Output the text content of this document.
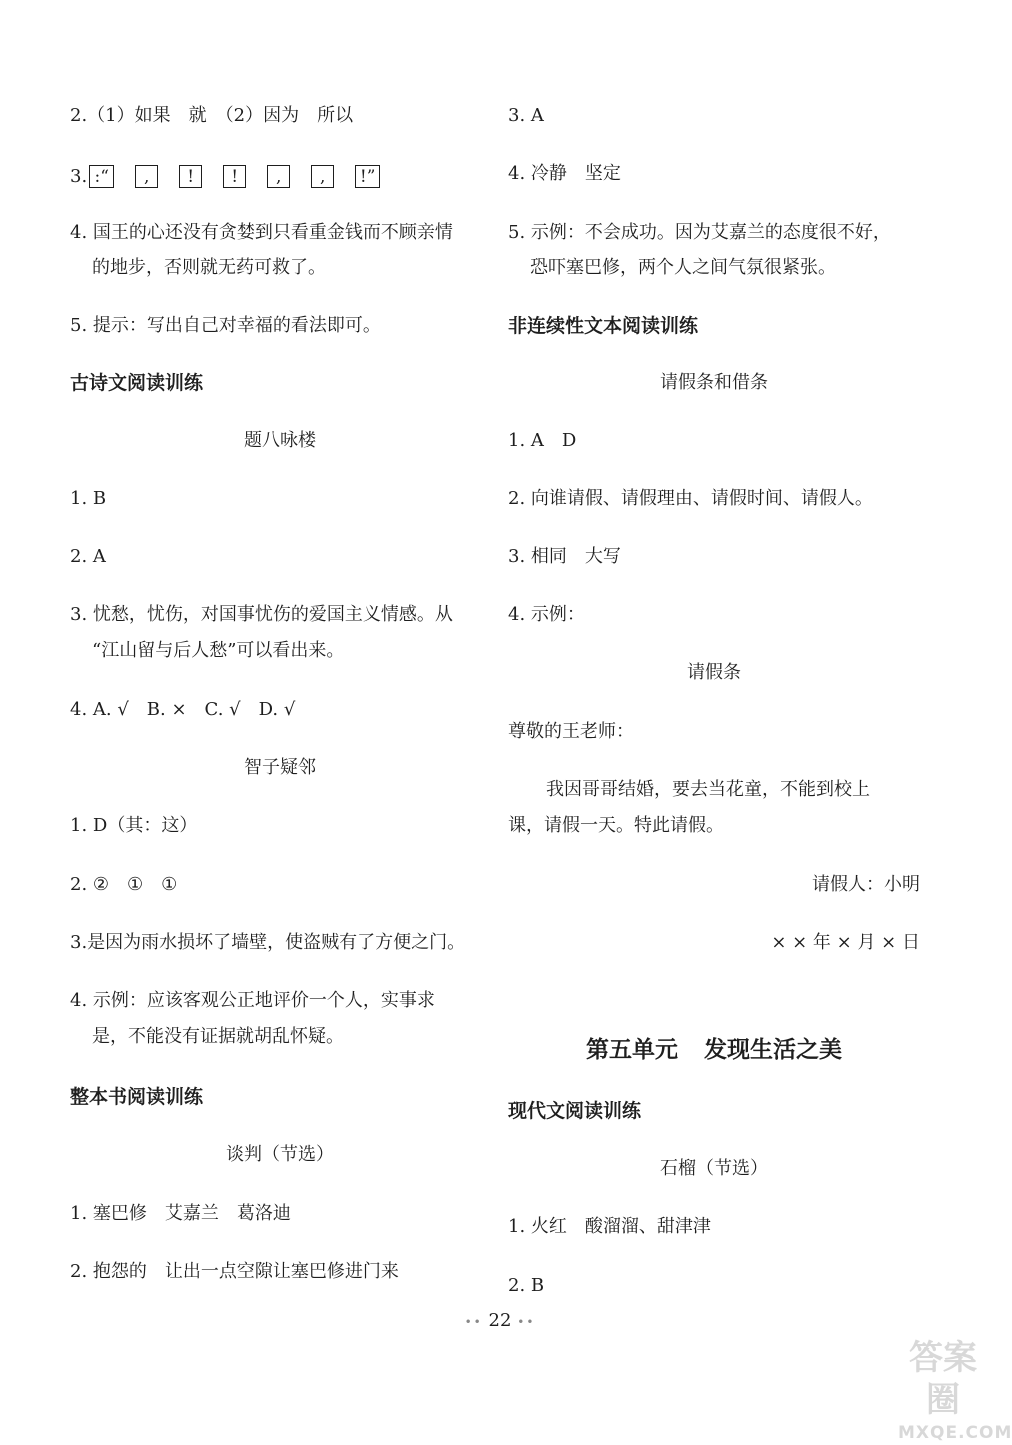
2.（1）如果　就　（2）因为　所以
3. :“	,	!	!	,	,	!”
4. 国王的心还没有贪婪到只看重金钱而不顾亲情
的地步，否则就无药可救了。
5. 提示：写出自己对幸福的看法即可。
古诗文阅读训练
题八咏楼
1. B
2. A
3. 忧愁，忧伤，对国事忧伤的爱国主义情感。从
“江山留与后人愁”可以看出来。
4. A. √　B. ×　C. √　D. √
智子疑邻
1. D（其：这）
2. ②　①　①
3.是因为雨水损坏了墙壁，使盗贼有了方便之门。
4. 示例：应该客观公正地评价一个人，实事求
是，不能没有证据就胡乱怀疑。
整本书阅读训练
谈判（节选）
1. 塞巴修　艾嘉兰　葛洛迪
2. 抱怨的　让出一点空隙让塞巴修进门来
3. A
4. 冷静　坚定
5. 示例：不会成功。因为艾嘉兰的态度很不好，
恐吓塞巴修，两个人之间气氛很紧张。
非连续性文本阅读训练
请假条和借条
1. A　D
2. 向谁请假、请假理由、请假时间、请假人。
3. 相同　大写
4. 示例：
请假条
尊敬的王老师：
我因哥哥结婚，要去当花童，不能到校上
课，请假一天。特此请假。
请假人：小明
× × 年 × 月 × 日
第五单元 发现生活之美
现代文阅读训练
石榴（节选）
1. 火红　酸溜溜、甜津津
2. B
•• 22 ••
答案圈
MXQE.COM
